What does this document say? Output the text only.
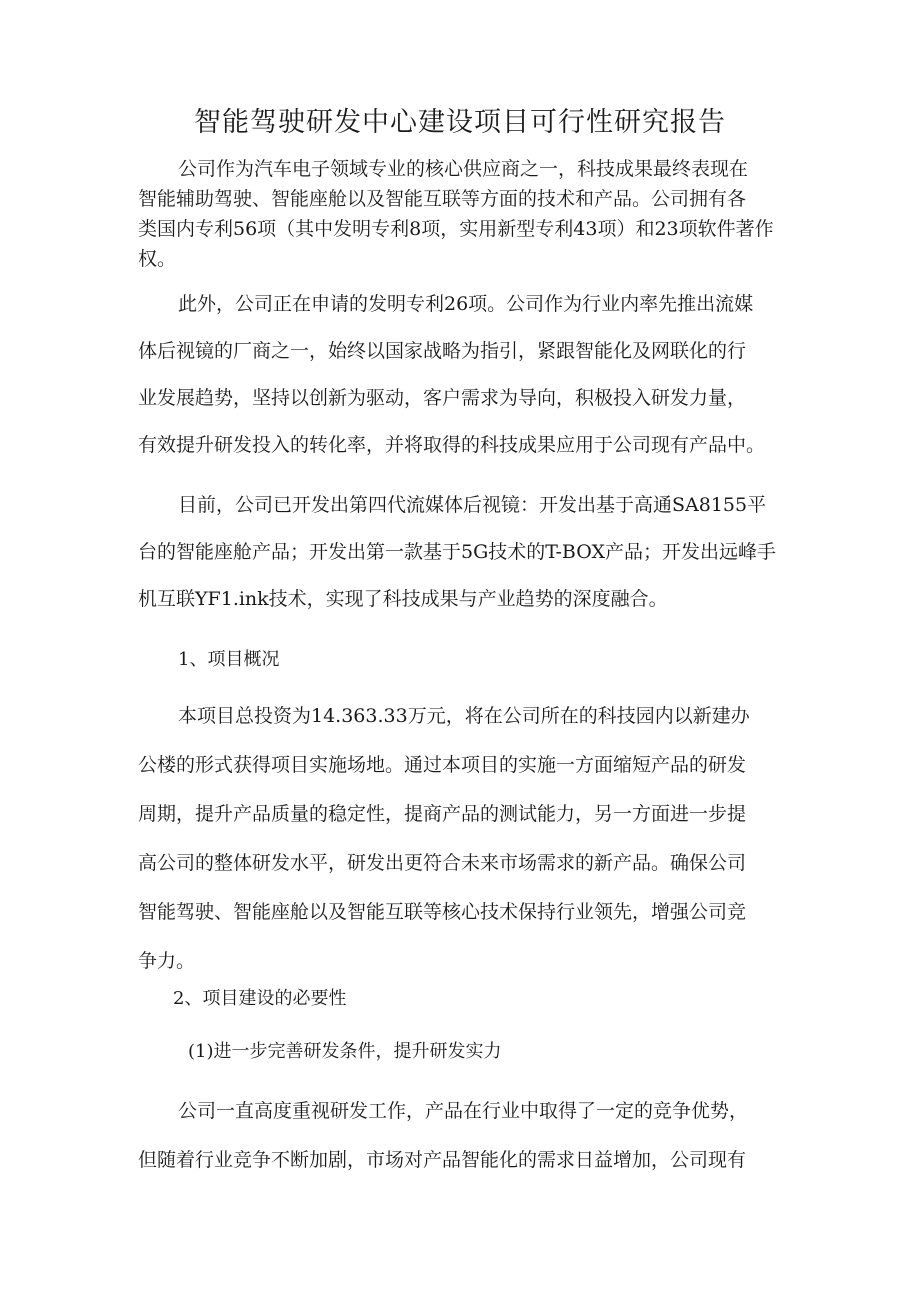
智能驾驶研发中心建设项目可行性研究报告
公司作为汽车电子领域专业的核心供应商之一，科技成果最终表现在
智能辅助驾驶、智能座舱以及智能互联等方面的技术和产品。公司拥有各
类国内专利56项（其中发明专利8项，实用新型专利43项）和23项软件著作
权。
此外，公司正在申请的发明专利26项。公司作为行业内率先推出流媒
体后视镜的厂商之一，始终以国家战略为指引，紧跟智能化及网联化的行
业发展趋势，坚持以创新为驱动，客户需求为导向，积极投入研发力量，
有效提升研发投入的转化率，并将取得的科技成果应用于公司现有产品中。
目前，公司已开发出第四代流媒体后视镜：开发出基于高通SA8155平
台的智能座舱产品；开发出第一款基于5G技术的T-BOX产品；开发出远峰手
机互联YF1.ink技术，实现了科技成果与产业趋势的深度融合。
1、项目概况
本项目总投资为14.363.33万元，将在公司所在的科技园内以新建办
公楼的形式获得项目实施场地。通过本项目的实施一方面缩短产品的研发
周期，提升产品质量的稳定性，提商产品的测试能力，另一方面进一步提
高公司的整体研发水平，研发出更符合未来市场需求的新产品。确保公司
智能驾驶、智能座舱以及智能互联等核心技术保持行业领先，增强公司竞
争力。
2、项目建设的必要性
(1)进一步完善研发条件，提升研发实力
公司一直高度重视研发工作，产品在行业中取得了一定的竞争优势，
但随着行业竞争不断加剧，市场对产品智能化的需求日益增加，公司现有
